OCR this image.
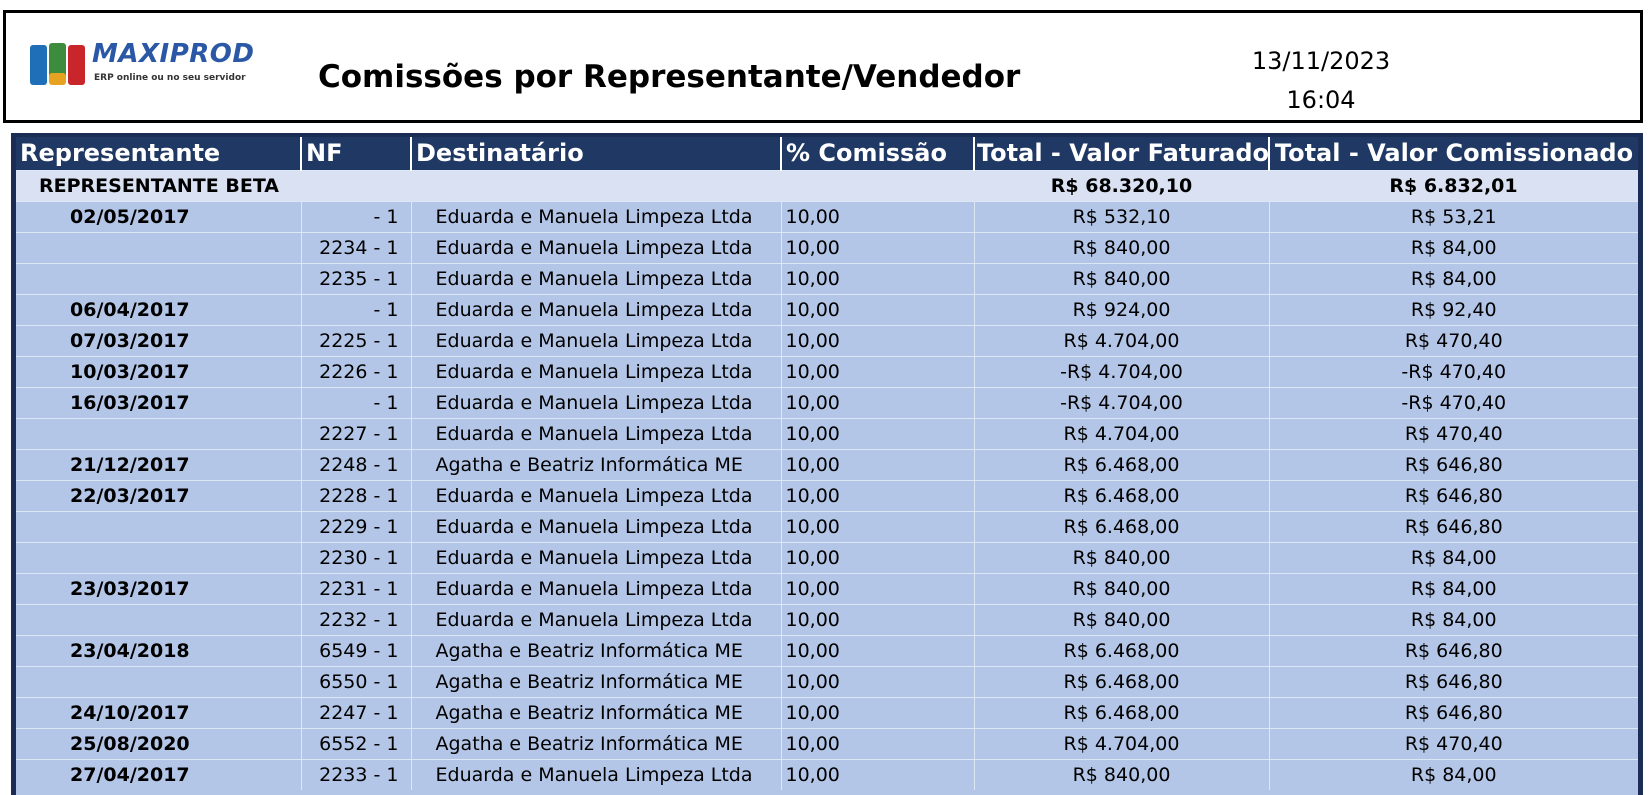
MAXIPROD
ERP online ou no seu servidor Comissões por Representante/Vendedor	13/11/2023
16:04
Representante	NF	Destinatário	% Comissão	Total - Valor Faturado	Total - Valor Comissionado
REPRESENTANTE BETA				R$ 68.320,10	R$ 6.832,01
02/05/2017	- 1	Eduarda e Manuela Limpeza Ltda	10,00	R$ 532,10	R$ 53,21
	2234 - 1	Eduarda e Manuela Limpeza Ltda	10,00	R$ 840,00	R$ 84,00
	2235 - 1	Eduarda e Manuela Limpeza Ltda	10,00	R$ 840,00	R$ 84,00
06/04/2017	- 1	Eduarda e Manuela Limpeza Ltda	10,00	R$ 924,00	R$ 92,40
07/03/2017	2225 - 1	Eduarda e Manuela Limpeza Ltda	10,00	R$ 4.704,00	R$ 470,40
10/03/2017	2226 - 1	Eduarda e Manuela Limpeza Ltda	10,00	-R$ 4.704,00	-R$ 470,40
16/03/2017	- 1	Eduarda e Manuela Limpeza Ltda	10,00	-R$ 4.704,00	-R$ 470,40
	2227 - 1	Eduarda e Manuela Limpeza Ltda	10,00	R$ 4.704,00	R$ 470,40
21/12/2017	2248 - 1	Agatha e Beatriz Informática ME	10,00	R$ 6.468,00	R$ 646,80
22/03/2017	2228 - 1	Eduarda e Manuela Limpeza Ltda	10,00	R$ 6.468,00	R$ 646,80
	2229 - 1	Eduarda e Manuela Limpeza Ltda	10,00	R$ 6.468,00	R$ 646,80
	2230 - 1	Eduarda e Manuela Limpeza Ltda	10,00	R$ 840,00	R$ 84,00
23/03/2017	2231 - 1	Eduarda e Manuela Limpeza Ltda	10,00	R$ 840,00	R$ 84,00
	2232 - 1	Eduarda e Manuela Limpeza Ltda	10,00	R$ 840,00	R$ 84,00
23/04/2018	6549 - 1	Agatha e Beatriz Informática ME	10,00	R$ 6.468,00	R$ 646,80
	6550 - 1	Agatha e Beatriz Informática ME	10,00	R$ 6.468,00	R$ 646,80
24/10/2017	2247 - 1	Agatha e Beatriz Informática ME	10,00	R$ 6.468,00	R$ 646,80
25/08/2020	6552 - 1	Agatha e Beatriz Informática ME	10,00	R$ 4.704,00	R$ 470,40
27/04/2017	2233 - 1	Eduarda e Manuela Limpeza Ltda	10,00	R$ 840,00	R$ 84,00
